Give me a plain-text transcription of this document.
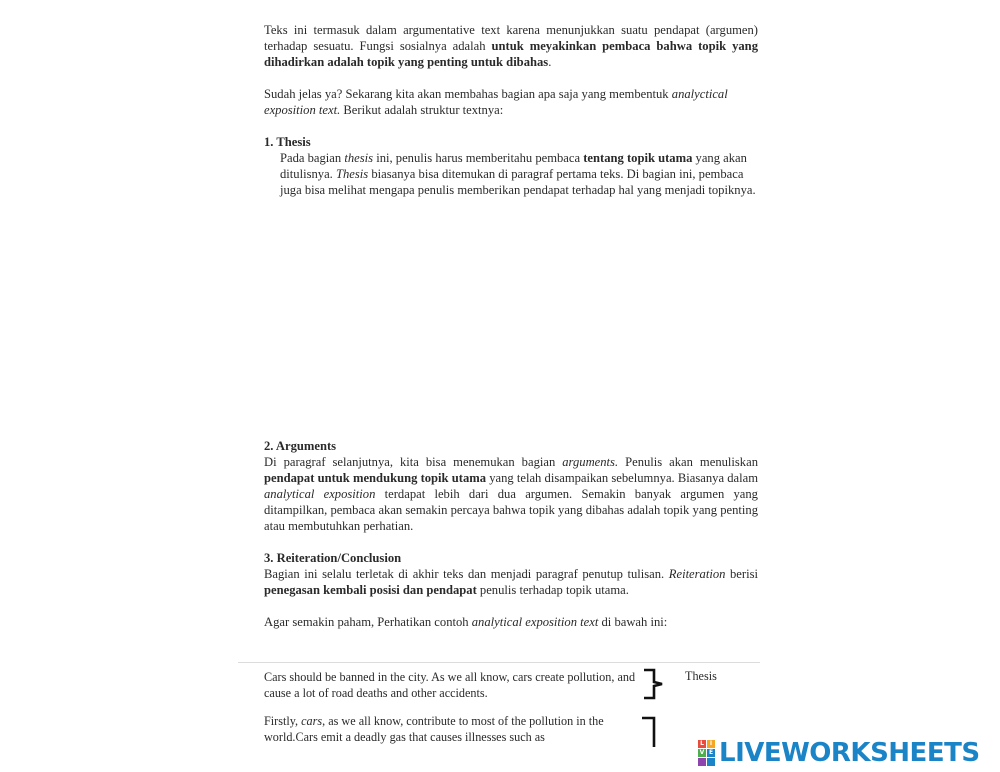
Teks ini termasuk dalam argumentative text karena menunjukkan suatu pendapat (argumen) terhadap sesuatu. Fungsi sosialnya adalah untuk meyakinkan pembaca bahwa topik yang dihadirkan adalah topik yang penting untuk dibahas.

Sudah jelas ya? Sekarang kita akan membahas bagian apa saja yang membentuk analyctical exposition text. Berikut adalah struktur textnya:

1. Thesis

Pada bagian thesis ini, penulis harus memberitahu pembaca tentang topik utama yang akan ditulisnya. Thesis biasanya bisa ditemukan di paragraf pertama teks. Di bagian ini, pembaca juga bisa melihat mengapa penulis memberikan pendapat terhadap hal yang menjadi topiknya.

2. Arguments

Di paragraf selanjutnya, kita bisa menemukan bagian arguments. Penulis akan menuliskan pendapat untuk mendukung topik utama yang telah disampaikan sebelumnya. Biasanya dalam analytical exposition terdapat lebih dari dua argumen. Semakin banyak argumen yang ditampilkan, pembaca akan semakin percaya bahwa topik yang dibahas adalah topik yang penting atau membutuhkan perhatian.

3. Reiteration/Conclusion

Bagian ini selalu terletak di akhir teks dan menjadi paragraf penutup tulisan. Reiteration berisi penegasan kembali posisi dan pendapat penulis terhadap topik utama.

Agar semakin paham, Perhatikan contoh analytical exposition text di bawah ini:

Cars should be banned in the city. As we all know, cars create pollution, and cause a lot of road deaths and other accidents.

Thesis

Firstly, cars, as we all know, contribute to most of the pollution in the world.Cars emit a deadly gas that causes illnesses such as	L I
V E LIVEWORKSHEETS
